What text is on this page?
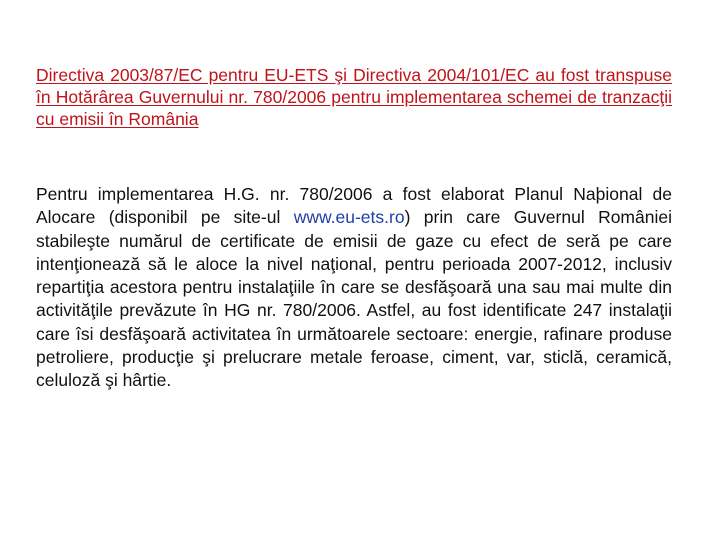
Directiva 2003/87/EC pentru EU-ETS şi Directiva 2004/101/EC au fost transpuse în Hotărârea Guvernului nr. 780/2006 pentru implementarea schemei de tranzacţii cu emisii în România

Pentru implementarea H.G. nr. 780/2006 a fost elaborat Planul Naþional de Alocare (disponibil pe site-ul www.eu-ets.ro) prin care Guvernul României stabileşte numărul de certificate de emisii de gaze cu efect de seră pe care intenţionează să le aloce la nivel naţional, pentru perioada 2007-2012, inclusiv repartiţia acestora pentru instalaţiile în care se desfăşoară una sau mai multe din activităţile prevăzute în HG nr. 780/2006. Astfel, au fost identificate 247 instalaţii care îsi desfăşoară activitatea în următoarele sectoare: energie, rafinare produse petroliere, producţie şi prelucrare metale feroase, ciment, var, sticlă, ceramică, celuloză şi hârtie.
